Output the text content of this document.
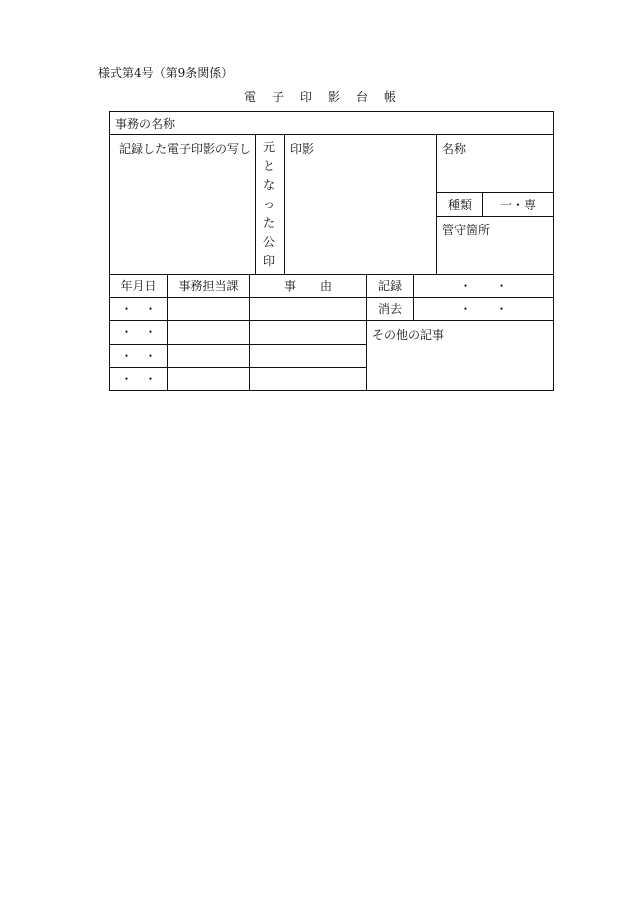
様式第4号（第9条関係）
電　子　印　影　台　帳
事務の名称
記録した電子印影の写し 元となった公印
印影	名称
種類 一・専
管守箇所
年月日	事務担当課	事　　由
・　・
・　・
・　・
・　・
記録	・　　・
消去	・　　・
その他の記事
